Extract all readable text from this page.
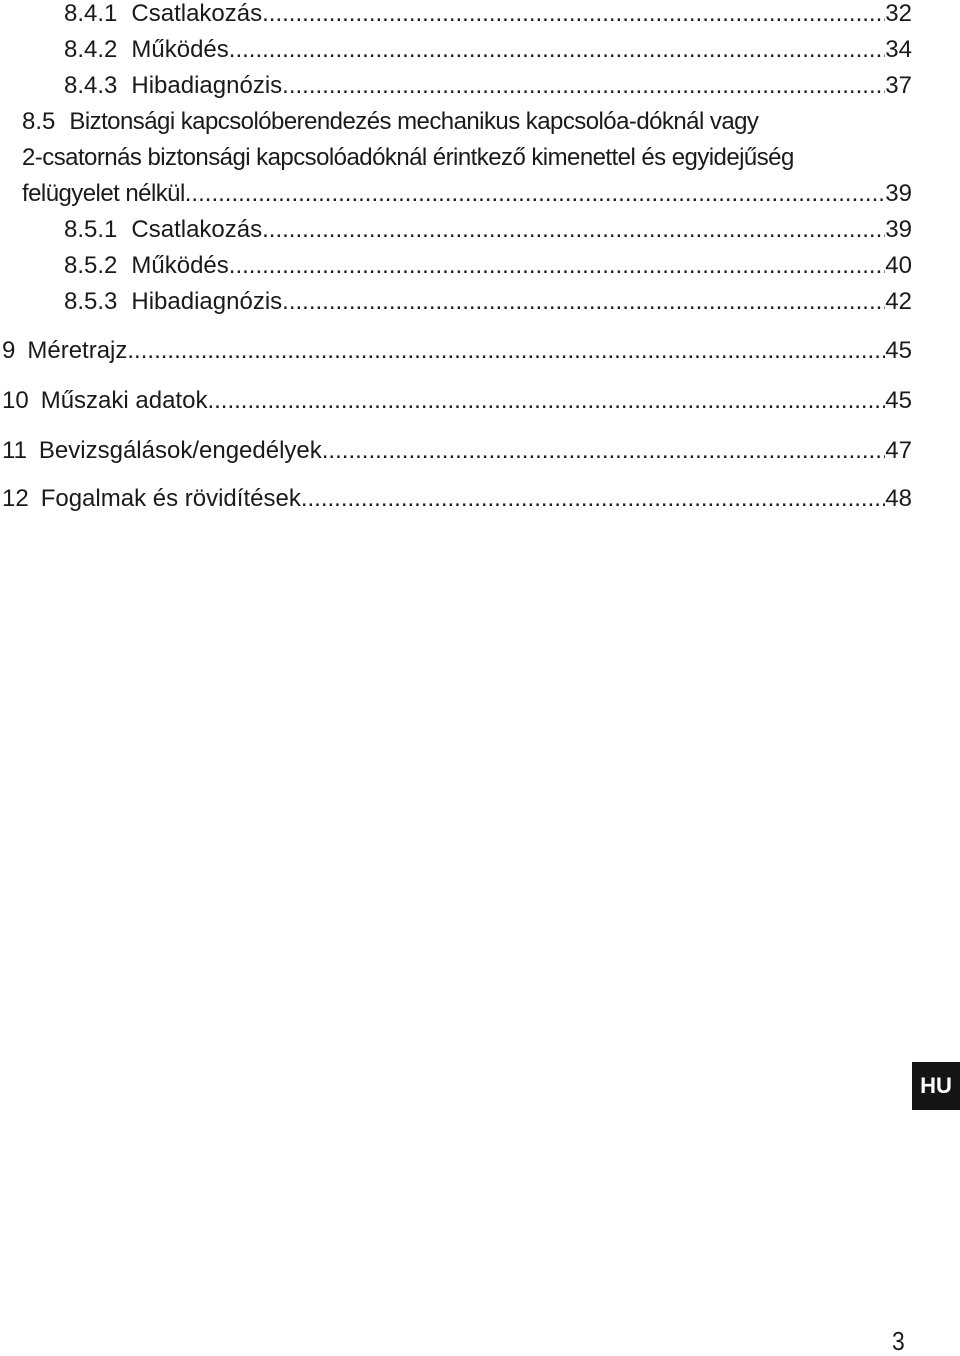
8.4.1 Csatlakozás .....	32
8.4.2 Működés .....	34
8.4.3 Hibadiagnózis .....	37
8.5 Biztonsági kapcsolóberendezés mechanikus kapcsolóa-dóknál vagy
2-csatornás biztonsági kapcsolóadóknál érintkező kimenettel és egyidejűség
felügyelet nélkül .....	39
8.5.1 Csatlakozás .....	39
8.5.2 Működés .....	40
8.5.3 Hibadiagnózis .....	42
9 Méretrajz .....	45
10 Műszaki adatok .....	45
11 Bevizsgálások/engedélyek .....	47
12 Fogalmak és rövidítések .....	48
HU
3
